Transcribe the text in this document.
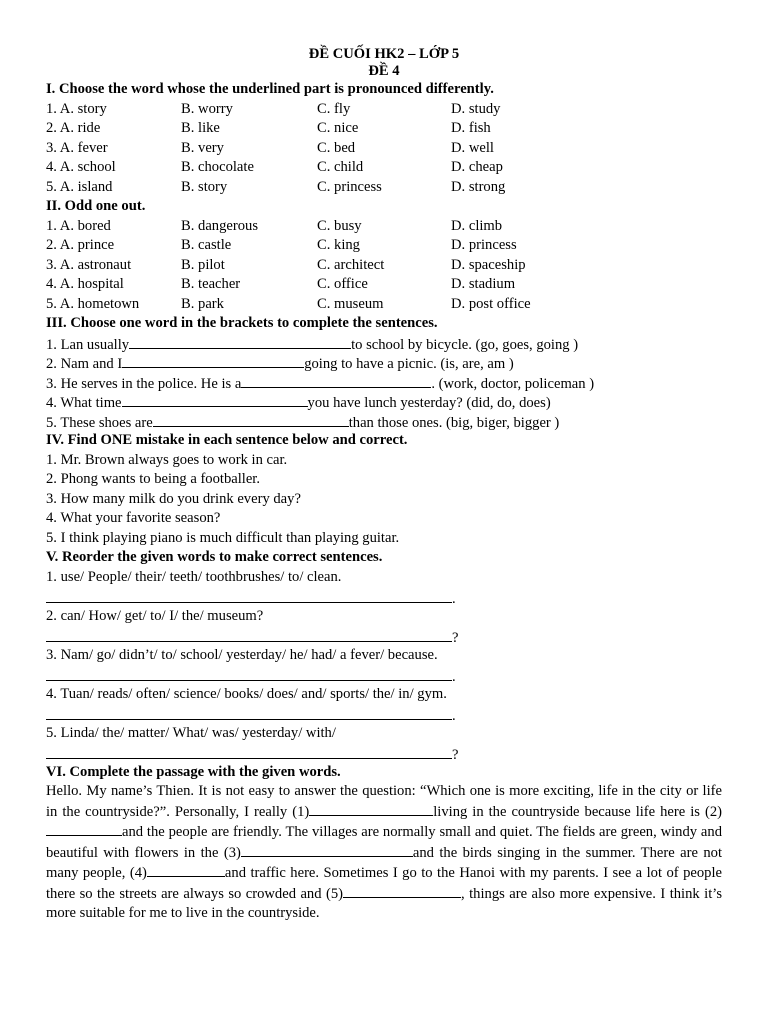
ĐỀ CUỐI HK2 – LỚP 5
ĐỀ 4
I. Choose the word whose the underlined part is pronounced differently.
1. A. story	B. worry	C. fly	D. study
2. A. ride	B. like	C. nice	D. fish
3. A. fever	B. very	C. bed	D. well
4. A. school	B. chocolate	C. child	D. cheap
5. A. island	B. story	C. princess	D. strong
II. Odd one out.
1. A. bored	B. dangerous	C. busy	D. climb
2. A. prince	B. castle	C. king	D. princess
3. A. astronaut	B. pilot	C. architect	D. spaceship
4. A. hospital	B. teacher	C. office	D. stadium
5. A. hometown	B. park	C. museum	D. post office
III. Choose one word in the brackets to complete the sentences.
1. Lan usually	to school by bicycle. (go, goes, going )
2. Nam and I	going to have a picnic. (is, are, am )
3. He serves in the police. He is a	. (work, doctor, policeman )
4. What time	you have lunch yesterday? (did, do, does)
5. These shoes are	than those ones. (big, biger, bigger )
IV. Find ONE mistake in each sentence below and correct.
1. Mr. Brown always goes to work in car.
2. Phong wants to being a footballer.
3. How many milk do you drink every day?
4. What your favorite season?
5. I think playing piano is much difficult than playing guitar.
V. Reorder the given words to make correct sentences.
1. use/ People/ their/ teeth/ toothbrushes/ to/ clean.
.
2. can/ How/ get/ to/ I/ the/ museum?
?
3. Nam/ go/ didn’t/ to/ school/ yesterday/ he/ had/ a fever/ because.
.
4. Tuan/ reads/ often/ science/ books/ does/ and/ sports/ the/ in/ gym.
.
5. Linda/ the/ matter/ What/ was/ yesterday/ with/
?
VI. Complete the passage with the given words.
Hello. My name’s Thien. It is not easy to answer the question: “Which one is more exciting, life in the city or life in the countryside?”. Personally, I really (1)	living in the countryside because life here is (2)and the people are friendly. The villages are normally small and quiet. The fields are green, windy and beautiful with flowers in the (3)	and the birds singing in the summer. There are not many people, (4)	and traffic here. Sometimes I go to the Hanoi with my parents. I see a lot of people there so the streets are always so crowded and (5)	, things are also more expensive. I think it’s more suitable for me to live in the countryside.
